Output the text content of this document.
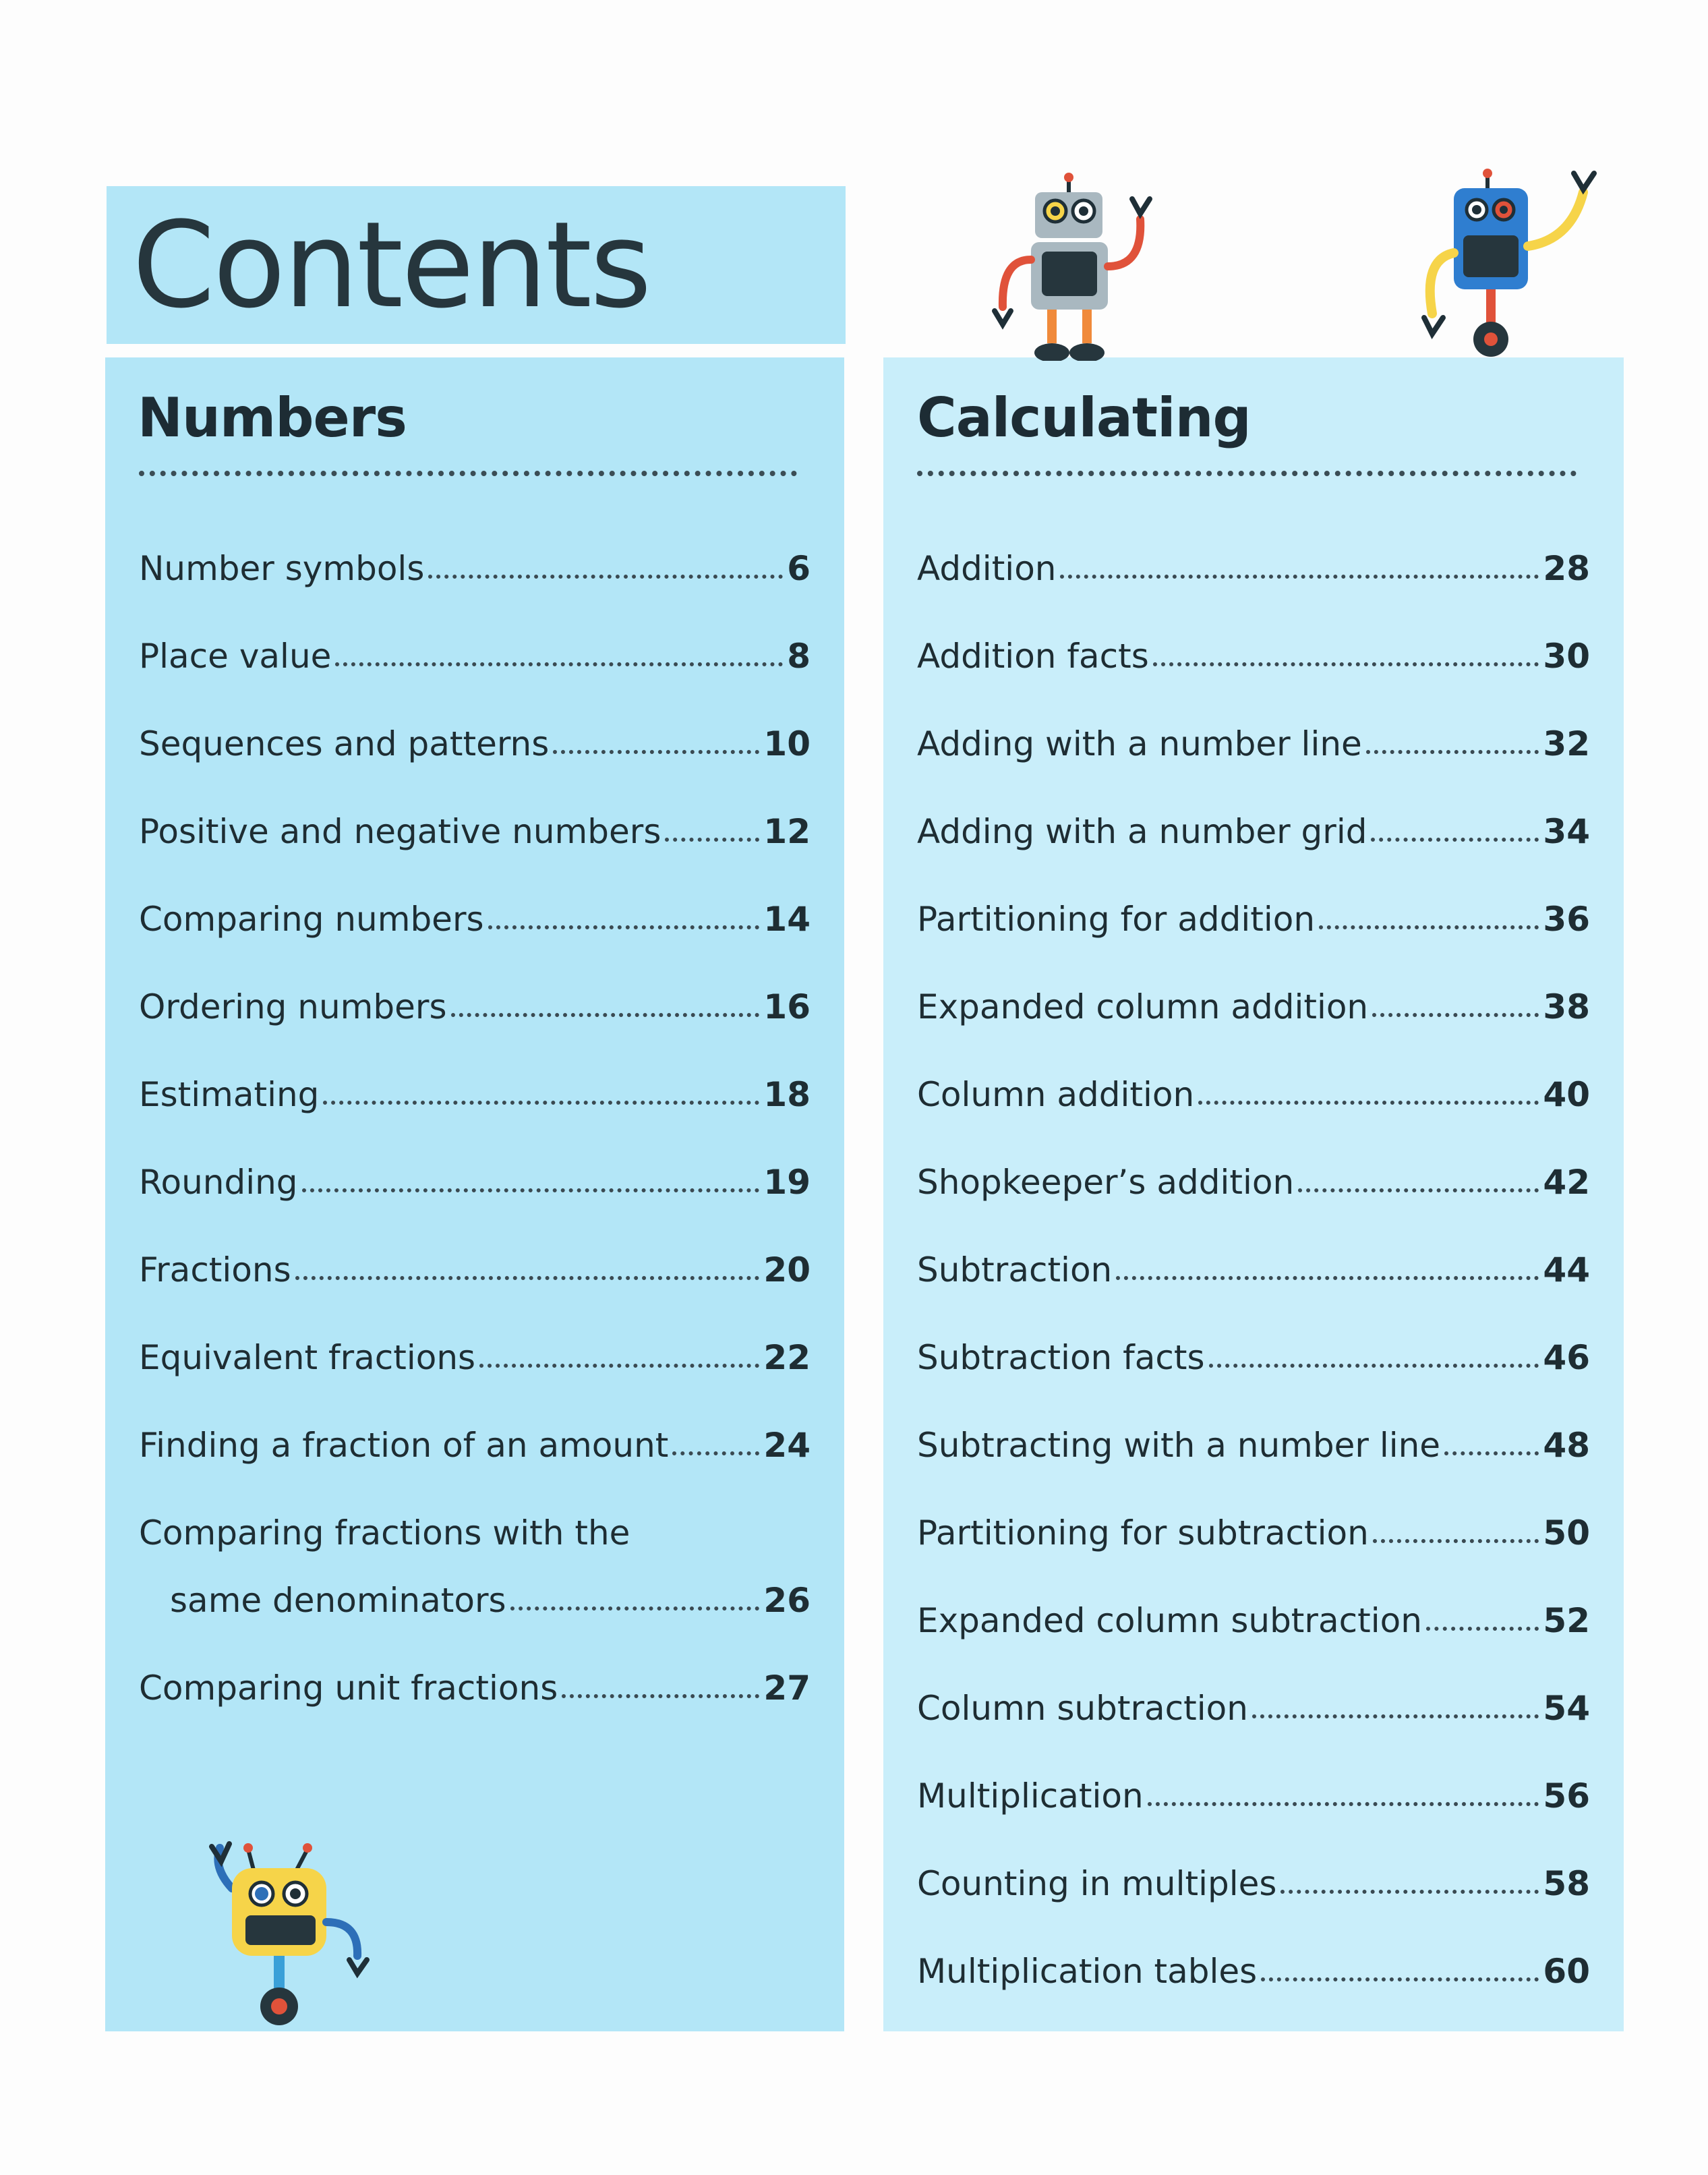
Contents
Numbers
Number symbols	6
Place value	8
Sequences and patterns	10
Positive and negative numbers	12
Comparing numbers	14
Ordering numbers	16
Estimating	18
Rounding	19
Fractions	20
Equivalent fractions	22
Finding a fraction of an amount	24
Comparing fractions with the
same denominators	26
Comparing unit fractions	27
Calculating
Addition	28
Addition facts	30
Adding with a number line	32
Adding with a number grid	34
Partitioning for addition	36
Expanded column addition	38
Column addition	40
Shopkeeper’s addition	42
Subtraction	44
Subtraction facts	46
Subtracting with a number line	48
Partitioning for subtraction	50
Expanded column subtraction	52
Column subtraction	54
Multiplication	56
Counting in multiples	58
Multiplication tables	60
